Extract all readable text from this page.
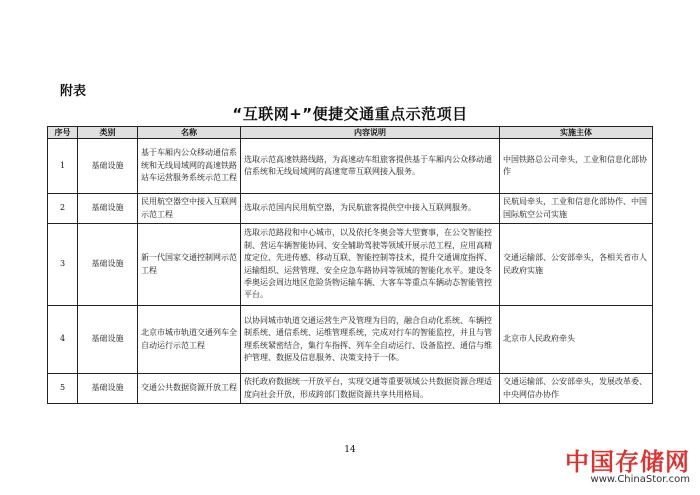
附表
“互联网+”便捷交通重点示范项目
序号	类别	名称	内容说明	实施主体
1	基础设施	基于车厢内公众移动通信系统和无线局域网的高速铁路站车运营服务系统示范工程	选取示范高速铁路线路，为高速动车组旅客提供基于车厢内公众移动通信系统和无线局域网的高速宽带互联网接入服务。	中国铁路总公司牵头，工业和信息化部协作
2	基础设施	民用航空器空中接入互联网示范工程	选取示范国内民用航空器，为民航旅客提供空中接入互联网服务。	民航局牵头，工业和信息化部协作、中国国际航空公司实施
3	基础设施	新一代国家交通控制网示范工程	选取示范路段和中心城市，以及依托冬奥会等大型赛事，在公交智能控制、营运车辆智能协同、安全辅助驾驶等领域开展示范工程，应用高精度定位、先进传感、移动互联、智能控制等技术，提升交通调度指挥、运输组织、运营管理、安全应急车路协同等领域的智能化水平。建设冬季奥运会周边地区危险货物运输车辆、大客车等重点车辆动态智能管控平台。	交通运输部、公安部牵头，各相关省市人民政府实施
4	基础设施	北京市城市轨道交通列车全自动运行示范工程	以协同城市轨道交通运营生产及管理为目的，融合自动化系统、车辆控制系统、通信系统、运维管理系统，完成对行车的智能监控，并且与管理系统紧密结合，集行车指挥、列车全自动运行、设备监控、通信与维护管理、数据及信息服务、决策支持于一体。	北京市人民政府牵头
5	基础设施	交通公共数据资源开放工程	依托政府数据统一开放平台，实现交通等重要领域公共数据资源合理适度向社会开放，形成跨部门数据资源共享共用格局。	交通运输部、公安部牵头，发展改革委、中央网信办协作
14	中国存储网
www.ChinaStor.com
